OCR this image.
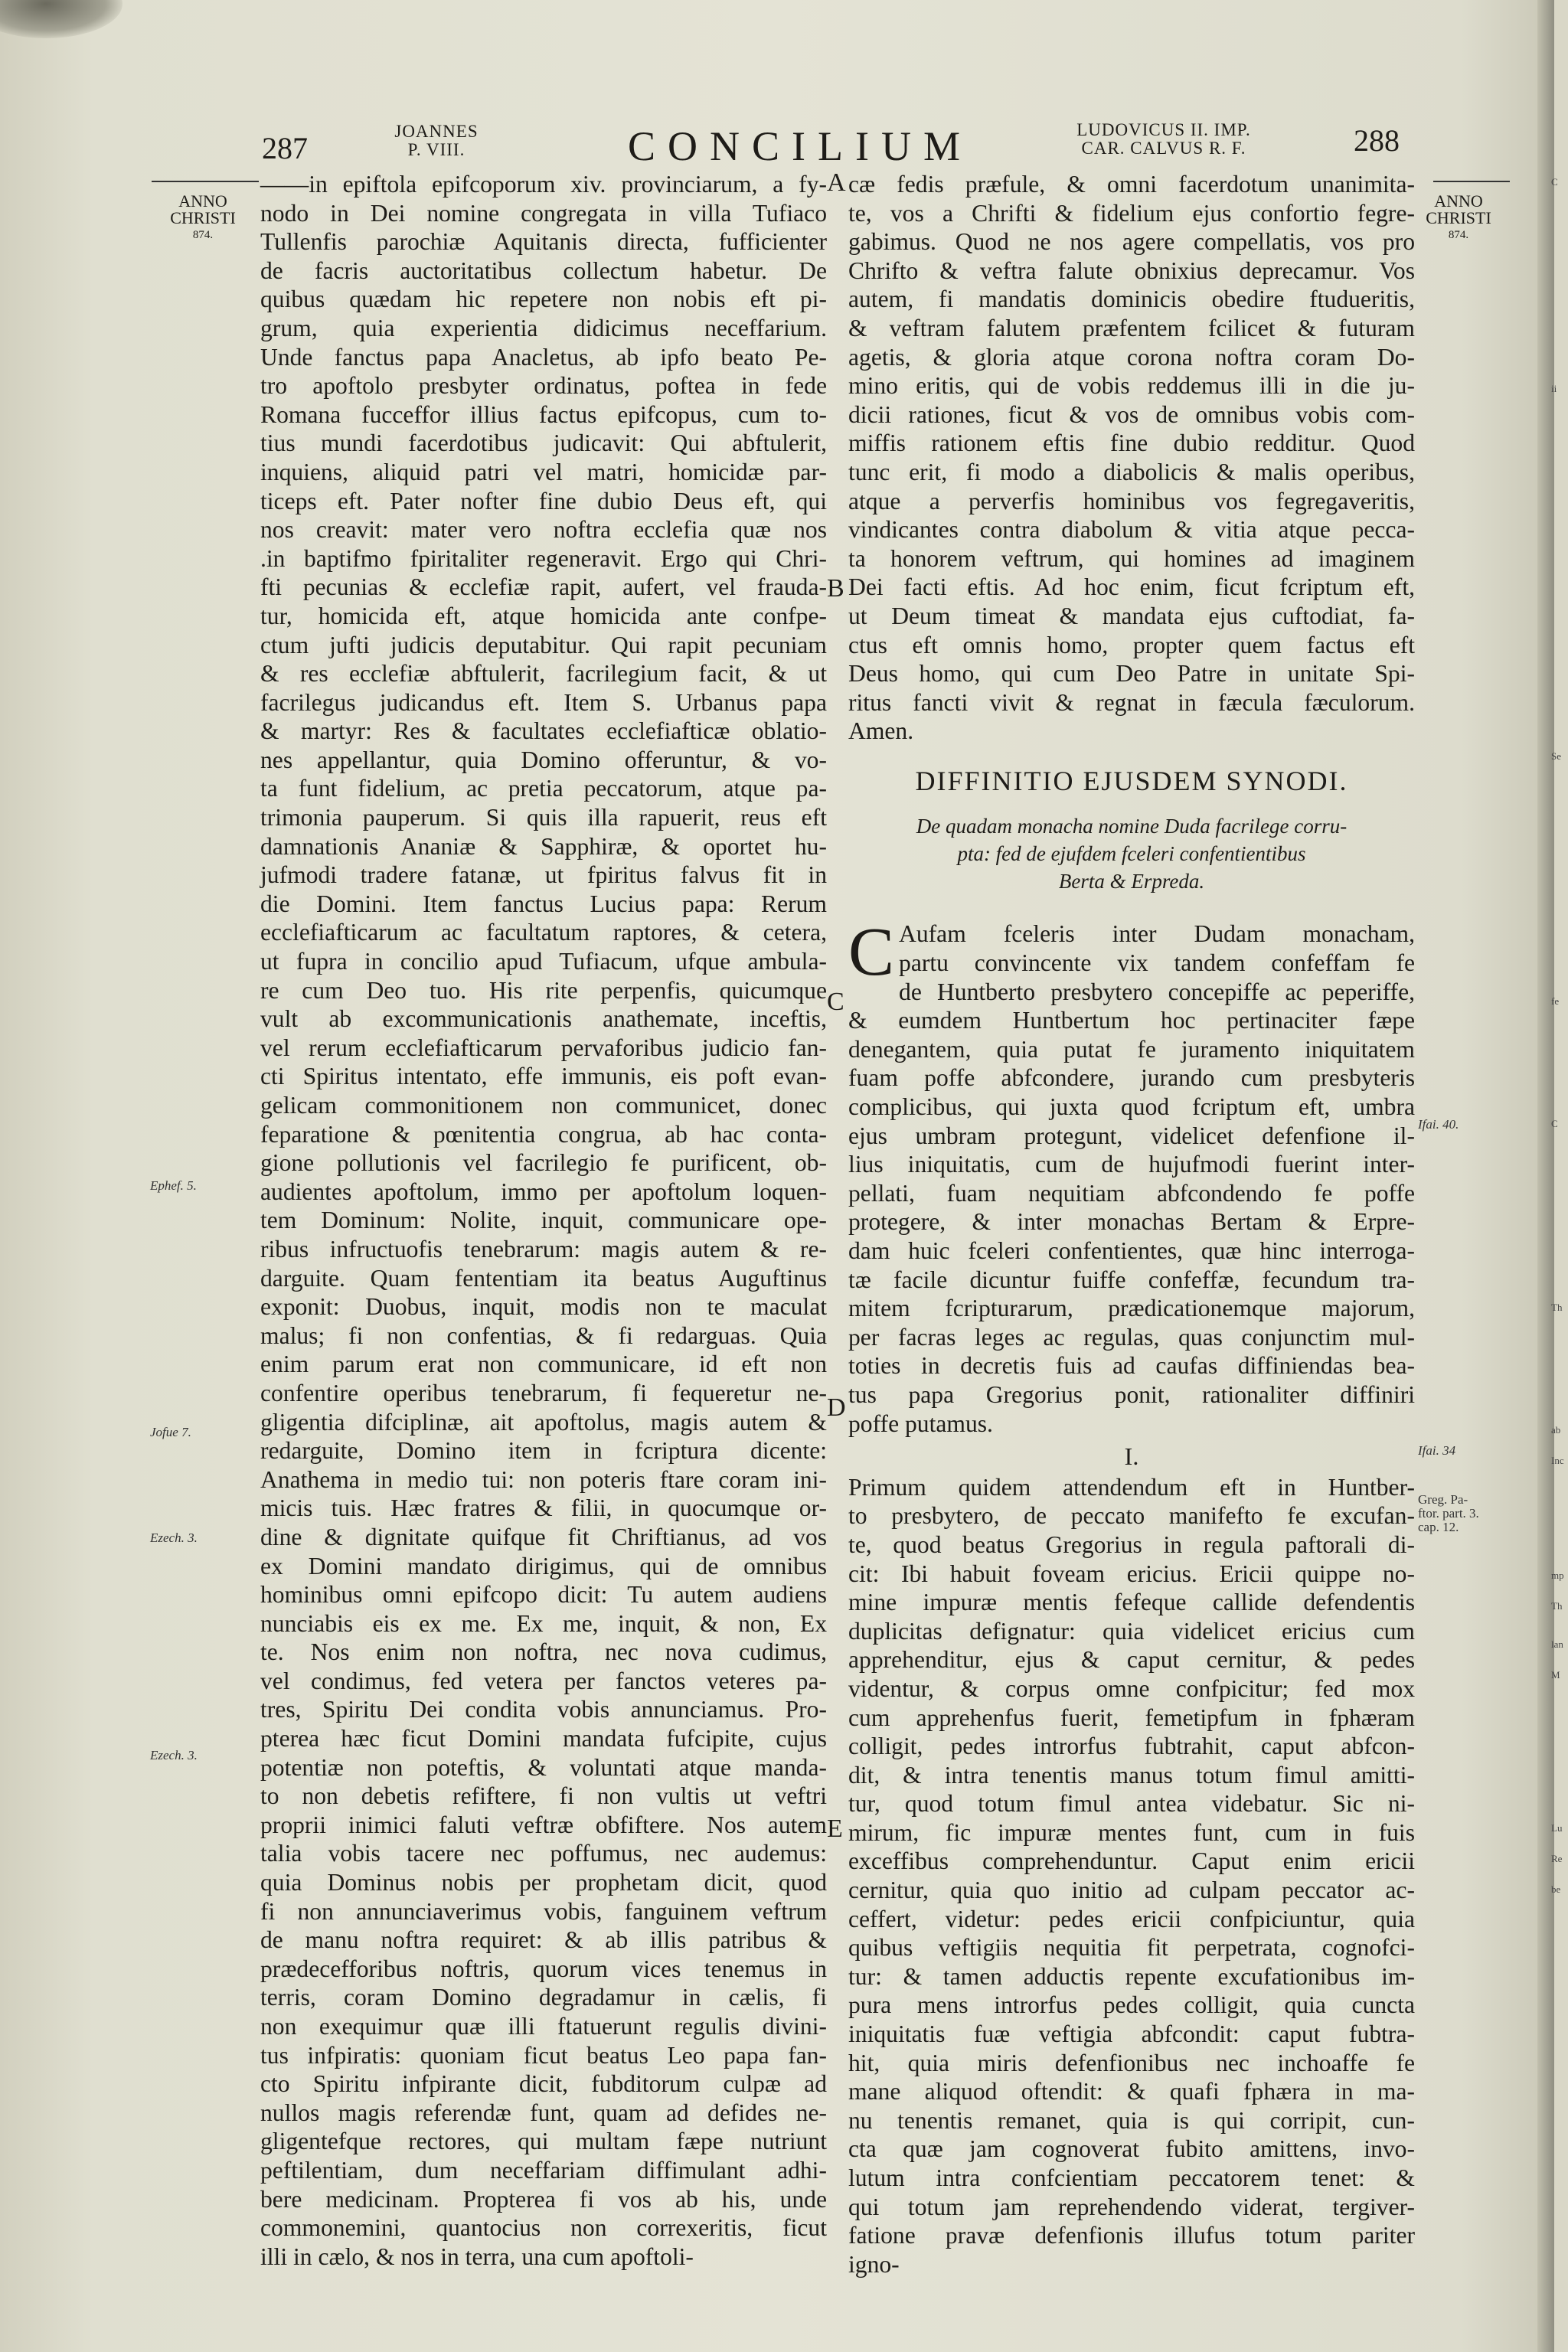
287	JOANNES
P. VIII.	CONCILIUM	LUDOVICUS II. IMP.
CAR. CALVUS R. F.	288
ANNO
CHRISTI
874.
ANNO
CHRISTI
874.
Ephef. 5.
Jofue 7.
Ezech. 3.
Ezech. 3.
Ifai. 40.
Ifai. 34
Greg. Pa-
ftor. part. 3.
cap. 12.
A
B
C
D
E
——in epiftola epifcoporum xiv. provinciarum, a fy-
nodo in Dei nomine congregata in villa Tufiaco
Tullenfis parochiæ Aquitanis directa, fufficienter
de facris auctoritatibus collectum habetur. De
quibus quædam hic repetere non nobis eft pi-
grum, quia experientia didicimus neceffarium.
Unde fanctus papa Anacletus, ab ipfo beato Pe-
tro apoftolo presbyter ordinatus, poftea in fede
Romana fucceffor illius factus epifcopus, cum to-
tius mundi facerdotibus judicavit: Qui abftulerit,
inquiens, aliquid patri vel matri, homicidæ par-
ticeps eft. Pater nofter fine dubio Deus eft, qui
nos creavit: mater vero noftra ecclefia quæ nos
.in baptifmo fpiritaliter regeneravit. Ergo qui Chri-
fti pecunias & ecclefiæ rapit, aufert, vel frauda-
tur, homicida eft, atque homicida ante confpe-
ctum jufti judicis deputabitur. Qui rapit pecuniam
& res ecclefiæ abftulerit, facrilegium facit, & ut
facrilegus judicandus eft. Item S. Urbanus papa
& martyr: Res & facultates ecclefiafticæ oblatio-
nes appellantur, quia Domino offeruntur, & vo-
ta funt fidelium, ac pretia peccatorum, atque pa-
trimonia pauperum. Si quis illa rapuerit, reus eft
damnationis Ananiæ & Sapphiræ, & oportet hu-
jufmodi tradere fatanæ, ut fpiritus falvus fit in
die Domini. Item fanctus Lucius papa: Rerum
ecclefiafticarum ac facultatum raptores, & cetera,
ut fupra in concilio apud Tufiacum, ufque ambula-
re cum Deo tuo. His rite perpenfis, quicumque
vult ab excommunicationis anathemate, inceftis,
vel rerum ecclefiafticarum pervaforibus judicio fan-
cti Spiritus intentato, effe immunis, eis poft evan-
gelicam commonitionem non communicet, donec
feparatione & pœnitentia congrua, ab hac conta-
gione pollutionis vel facrilegio fe purificent, ob-
audientes apoftolum, immo per apoftolum loquen-
tem Dominum: Nolite, inquit, communicare ope-
ribus infructuofis tenebrarum: magis autem & re-
darguite. Quam fententiam ita beatus Auguftinus
exponit: Duobus, inquit, modis non te maculat
malus; fi non confentias, & fi redarguas. Quia
enim parum erat non communicare, id eft non
confentire operibus tenebrarum, fi fequeretur ne-
gligentia difciplinæ, ait apoftolus, magis autem &
redarguite, Domino item in fcriptura dicente:
Anathema in medio tui: non poteris ftare coram ini-
micis tuis. Hæc fratres & filii, in quocumque or-
dine & dignitate quifque fit Chriftianus, ad vos
ex Domini mandato dirigimus, qui de omnibus
hominibus omni epifcopo dicit: Tu autem audiens
nunciabis eis ex me. Ex me, inquit, & non, Ex
te. Nos enim non noftra, nec nova cudimus,
vel condimus, fed vetera per fanctos veteres pa-
tres, Spiritu Dei condita vobis annunciamus. Pro-
pterea hæc ficut Domini mandata fufcipite, cujus
potentiæ non poteftis, & voluntati atque manda-
to non debetis refiftere, fi non vultis ut veftri
proprii inimici faluti veftræ obfiftere. Nos autem
talia vobis tacere nec poffumus, nec audemus:
quia Dominus nobis per prophetam dicit, quod
fi non annunciaverimus vobis, fanguinem veftrum
de manu noftra requiret: & ab illis patribus &
prædecefforibus noftris, quorum vices tenemus in
terris, coram Domino degradamur in cælis, fi
non exequimur quæ illi ftatuerunt regulis divini-
tus infpiratis: quoniam ficut beatus Leo papa fan-
cto Spiritu infpirante dicit, fubditorum culpæ ad
nullos magis referendæ funt, quam ad defides ne-
gligentefque rectores, qui multam fæpe nutriunt
peftilentiam, dum neceffariam diffimulant adhi-
bere medicinam. Propterea fi vos ab his, unde
commonemini, quantocius non correxeritis, ficut
illi in cælo, & nos in terra, una cum apoftoli-
cæ fedis præfule, & omni facerdotum unanimita-
te, vos a Chrifti & fidelium ejus confortio fegre-
gabimus. Quod ne nos agere compellatis, vos pro
Chrifto & veftra falute obnixius deprecamur. Vos
autem, fi mandatis dominicis obedire ftudueritis,
& veftram falutem præfentem fcilicet & futuram
agetis, & gloria atque corona noftra coram Do-
mino eritis, qui de vobis reddemus illi in die ju-
dicii rationes, ficut & vos de omnibus vobis com-
miffis rationem eftis fine dubio redditur. Quod
tunc erit, fi modo a diabolicis & malis operibus,
atque a perverfis hominibus vos fegregaveritis,
vindicantes contra diabolum & vitia atque pecca-
ta honorem veftrum, qui homines ad imaginem
Dei facti eftis. Ad hoc enim, ficut fcriptum eft,
ut Deum timeat & mandata ejus cuftodiat, fa-
ctus eft omnis homo, propter quem factus eft
Deus homo, qui cum Deo Patre in unitate Spi-
ritus fancti vivit & regnat in fæcula fæculorum.
Amen.
DIFFINITIO EJUSDEM SYNODI.
De quadam monacha nomine Duda facrilege corru-
pta: fed de ejufdem fceleri confentientibus
Berta & Erpreda.
C Aufam fceleris inter Dudam monacham,
partu convincente vix tandem confeffam fe
de Huntberto presbytero concepiffe ac peperiffe,
& eumdem Huntbertum hoc pertinaciter fæpe
denegantem, quia putat fe juramento iniquitatem
fuam poffe abfcondere, jurando cum presbyteris
complicibus, qui juxta quod fcriptum eft, umbra
ejus umbram protegunt, videlicet defenfione il-
lius iniquitatis, cum de hujufmodi fuerint inter-
pellati, fuam nequitiam abfcondendo fe poffe
protegere, & inter monachas Bertam & Erpre-
dam huic fceleri confentientes, quæ hinc interroga-
tæ facile dicuntur fuiffe confeffæ, fecundum tra-
mitem fcripturarum, prædicationemque majorum,
per facras leges ac regulas, quas conjunctim mul-
toties in decretis fuis ad caufas diffiniendas bea-
tus papa Gregorius ponit, rationaliter diffiniri
poffe putamus.
I.
Primum quidem attendendum eft in Huntber-
to presbytero, de peccato manifefto fe excufan-
te, quod beatus Gregorius in regula paftorali di-
cit: Ibi habuit foveam ericius. Ericii quippe no-
mine impuræ mentis fefeque callide defendentis
duplicitas defignatur: quia videlicet ericius cum
apprehenditur, ejus & caput cernitur, & pedes
videntur, & corpus omne confpicitur; fed mox
cum apprehenfus fuerit, femetipfum in fphæram
colligit, pedes introrfus fubtrahit, caput abfcon-
dit, & intra tenentis manus totum fimul amitti-
tur, quod totum fimul antea videbatur. Sic ni-
mirum, fic impuræ mentes funt, cum in fuis
exceffibus comprehenduntur. Caput enim ericii
cernitur, quia quo initio ad culpam peccator ac-
ceffert, videtur: pedes ericii confpiciuntur, quia
quibus veftigiis nequitia fit perpetrata, cognofci-
tur: & tamen adductis repente excufationibus im-
pura mens introrfus pedes colligit, quia cuncta
iniquitatis fuæ veftigia abfcondit: caput fubtra-
hit, quia miris defenfionibus nec inchoaffe fe
mane aliquod oftendit: & quafi fphæra in ma-
nu tenentis remanet, quia is qui corripit, cun-
cta quæ jam cognoverat fubito amittens, invo-
lutum intra confcientiam peccatorem tenet: &
qui totum jam reprehendendo viderat, tergiver-
fatione pravæ defenfionis illufus totum pariter
igno-
C
ii
Se
fe
C
Th
ab
Inc
mp
Th
lan
M
Lu
Re
be
